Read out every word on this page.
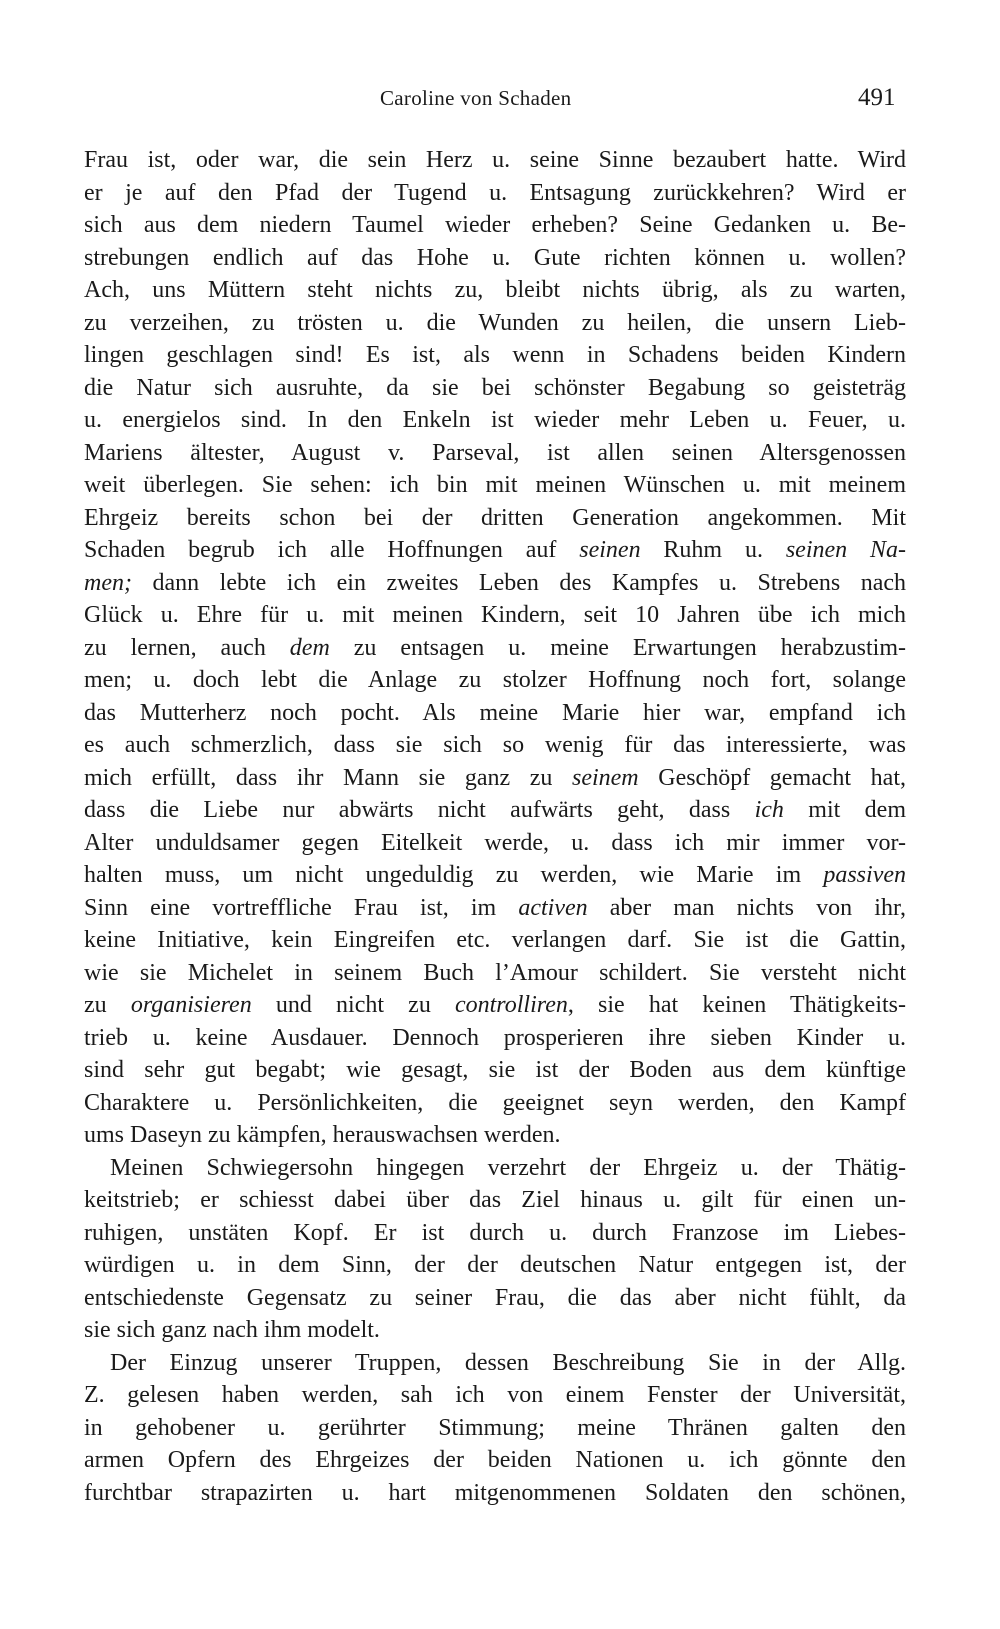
Caroline von Schaden	491
Frau ist, oder war, die sein Herz u. seine Sinne bezaubert hatte. Wird
er je auf den Pfad der Tugend u. Entsagung zurückkehren? Wird er
sich aus dem niedern Taumel wieder erheben? Seine Gedanken u. Be-
strebungen endlich auf das Hohe u. Gute richten können u. wollen?
Ach, uns Müttern steht nichts zu, bleibt nichts übrig, als zu warten,
zu verzeihen, zu trösten u. die Wunden zu heilen, die unsern Lieb-
lingen geschlagen sind! Es ist, als wenn in Schadens beiden Kindern
die Natur sich ausruhte, da sie bei schönster Begabung so geisteträg
u. energielos sind. In den Enkeln ist wieder mehr Leben u. Feuer, u.
Mariens ältester, August v. Parseval, ist allen seinen Altersgenossen
weit überlegen. Sie sehen: ich bin mit meinen Wünschen u. mit meinem
Ehrgeiz bereits schon bei der dritten Generation angekommen. Mit
Schaden begrub ich alle Hoffnungen auf seinen Ruhm u. seinen Na-
men; dann lebte ich ein zweites Leben des Kampfes u. Strebens nach
Glück u. Ehre für u. mit meinen Kindern, seit 10 Jahren übe ich mich
zu lernen, auch dem zu entsagen u. meine Erwartungen herabzustim-
men; u. doch lebt die Anlage zu stolzer Hoffnung noch fort, solange
das Mutterherz noch pocht. Als meine Marie hier war, empfand ich
es auch schmerzlich, dass sie sich so wenig für das interessierte, was
mich erfüllt, dass ihr Mann sie ganz zu seinem Geschöpf gemacht hat,
dass die Liebe nur abwärts nicht aufwärts geht, dass ich mit dem
Alter unduldsamer gegen Eitelkeit werde, u. dass ich mir immer vor-
halten muss, um nicht ungeduldig zu werden, wie Marie im passiven
Sinn eine vortreffliche Frau ist, im activen aber man nichts von ihr,
keine Initiative, kein Eingreifen etc. verlangen darf. Sie ist die Gattin,
wie sie Michelet in seinem Buch l’Amour schildert. Sie versteht nicht
zu organisieren und nicht zu controlliren, sie hat keinen Thätigkeits-
trieb u. keine Ausdauer. Dennoch prosperieren ihre sieben Kinder u.
sind sehr gut begabt; wie gesagt, sie ist der Boden aus dem künftige
Charaktere u. Persönlichkeiten, die geeignet seyn werden, den Kampf
ums Daseyn zu kämpfen, herauswachsen werden.
Meinen Schwiegersohn hingegen verzehrt der Ehrgeiz u. der Thätig-
keitstrieb; er schiesst dabei über das Ziel hinaus u. gilt für einen un-
ruhigen, unstäten Kopf. Er ist durch u. durch Franzose im Liebes-
würdigen u. in dem Sinn, der der deutschen Natur entgegen ist, der
entschiedenste Gegensatz zu seiner Frau, die das aber nicht fühlt, da
sie sich ganz nach ihm modelt.
Der Einzug unserer Truppen, dessen Beschreibung Sie in der Allg.
Z. gelesen haben werden, sah ich von einem Fenster der Universität,
in gehobener u. gerührter Stimmung; meine Thränen galten den
armen Opfern des Ehrgeizes der beiden Nationen u. ich gönnte den
furchtbar strapazirten u. hart mitgenommenen Soldaten den schönen,
